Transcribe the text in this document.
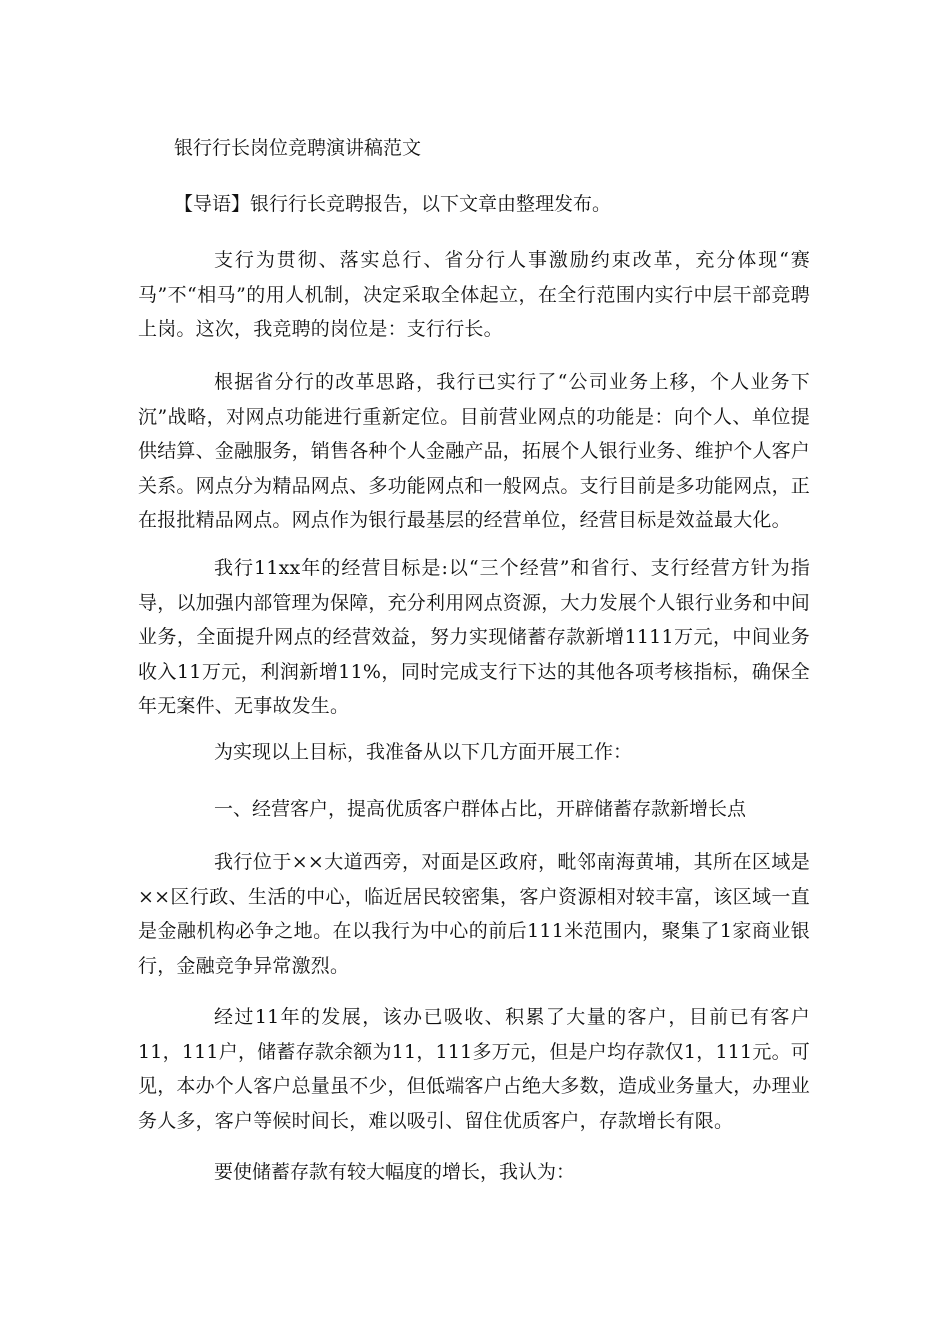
银行行长岗位竞聘演讲稿范文
【导语】银行行长竞聘报告，以下文章由整理发布。

支行为贯彻、落实总行、省分行人事激励约束改革，充分体现“赛马”不“相马”的用人机制，决定采取全体起立，在全行范围内实行中层干部竞聘上岗。这次，我竞聘的岗位是：支行行长。

根据省分行的改革思路，我行已实行了“公司业务上移，个人业务下沉”战略，对网点功能进行重新定位。目前营业网点的功能是：向个人、单位提供结算、金融服务，销售各种个人金融产品，拓展个人银行业务、维护个人客户关系。网点分为精品网点、多功能网点和一般网点。支行目前是多功能网点，正在报批精品网点。网点作为银行最基层的经营单位，经营目标是效益最大化。

我行11xx年的经营目标是:以“三个经营”和省行、支行经营方针为指导，以加强内部管理为保障，充分利用网点资源，大力发展个人银行业务和中间业务，全面提升网点的经营效益，努力实现储蓄存款新增1111万元，中间业务收入11万元，利润新增11%，同时完成支行下达的其他各项考核指标，确保全年无案件、无事故发生。

为实现以上目标，我准备从以下几方面开展工作：
一、经营客户，提高优质客户群体占比，开辟储蓄存款新增长点

我行位于××大道西旁，对面是区政府，毗邻南海黄埔，其所在区域是××区行政、生活的中心，临近居民较密集，客户资源相对较丰富，该区域一直是金融机构必争之地。在以我行为中心的前后111米范围内，聚集了1家商业银行，金融竞争异常激烈。

经过11年的发展，该办已吸收、积累了大量的客户，目前已有客户11，111户，储蓄存款余额为11，111多万元，但是户均存款仅1，111元。可见，本办个人客户总量虽不少，但低端客户占绝大多数，造成业务量大，办理业务人多，客户等候时间长，难以吸引、留住优质客户，存款增长有限。

要使储蓄存款有较大幅度的增长，我认为：
